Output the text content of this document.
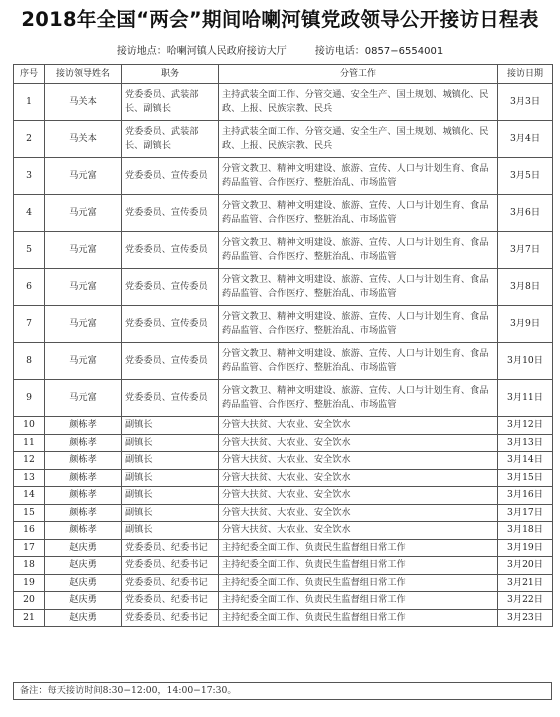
2018年全国“两会”期间哈喇河镇党政领导公开接访日程表
接访地点：哈喇河镇人民政府接访大厅	接访电话：0857−6554001
序号	接访领导姓名	职务	分管工作	接访日期
1	马关本	党委委员、武装部长、副镇长	主持武装全面工作、分管交通、安全生产、国土规划、城镇化、民政、上报、民族宗教、民兵	3月3日
2	马关本	党委委员、武装部长、副镇长	主持武装全面工作、分管交通、安全生产、国土规划、城镇化、民政、上报、民族宗教、民兵	3月4日
3	马元富	党委委员、宣传委员	分管文教卫、精神文明建设、旅游、宣传、人口与计划生育、食品药品监管、合作医疗、整脏治乱、市场监管	3月5日
4	马元富	党委委员、宣传委员	分管文教卫、精神文明建设、旅游、宣传、人口与计划生育、食品药品监管、合作医疗、整脏治乱、市场监管	3月6日
5	马元富	党委委员、宣传委员	分管文教卫、精神文明建设、旅游、宣传、人口与计划生育、食品药品监管、合作医疗、整脏治乱、市场监管	3月7日
6	马元富	党委委员、宣传委员	分管文教卫、精神文明建设、旅游、宣传、人口与计划生育、食品药品监管、合作医疗、整脏治乱、市场监管	3月8日
7	马元富	党委委员、宣传委员	分管文教卫、精神文明建设、旅游、宣传、人口与计划生育、食品药品监管、合作医疗、整脏治乱、市场监管	3月9日
8	马元富	党委委员、宣传委员	分管文教卫、精神文明建设、旅游、宣传、人口与计划生育、食品药品监管、合作医疗、整脏治乱、市场监管	3月10日
9	马元富	党委委员、宣传委员	分管文教卫、精神文明建设、旅游、宣传、人口与计划生育、食品药品监管、合作医疗、整脏治乱、市场监管	3月11日
10	颜栋孝	副镇长	分管大扶贫、大农业、安全饮水	3月12日
11	颜栋孝	副镇长	分管大扶贫、大农业、安全饮水	3月13日
12	颜栋孝	副镇长	分管大扶贫、大农业、安全饮水	3月14日
13	颜栋孝	副镇长	分管大扶贫、大农业、安全饮水	3月15日
14	颜栋孝	副镇长	分管大扶贫、大农业、安全饮水	3月16日
15	颜栋孝	副镇长	分管大扶贫、大农业、安全饮水	3月17日
16	颜栋孝	副镇长	分管大扶贫、大农业、安全饮水	3月18日
17	赵庆勇	党委委员、纪委书记	主持纪委全面工作、负责民生监督组日常工作	3月19日
18	赵庆勇	党委委员、纪委书记	主持纪委全面工作、负责民生监督组日常工作	3月20日
19	赵庆勇	党委委员、纪委书记	主持纪委全面工作、负责民生监督组日常工作	3月21日
20	赵庆勇	党委委员、纪委书记	主持纪委全面工作、负责民生监督组日常工作	3月22日
21	赵庆勇	党委委员、纪委书记	主持纪委全面工作、负责民生监督组日常工作	3月23日
备注：每天接访时间8:30−12:00，14:00−17:30。
